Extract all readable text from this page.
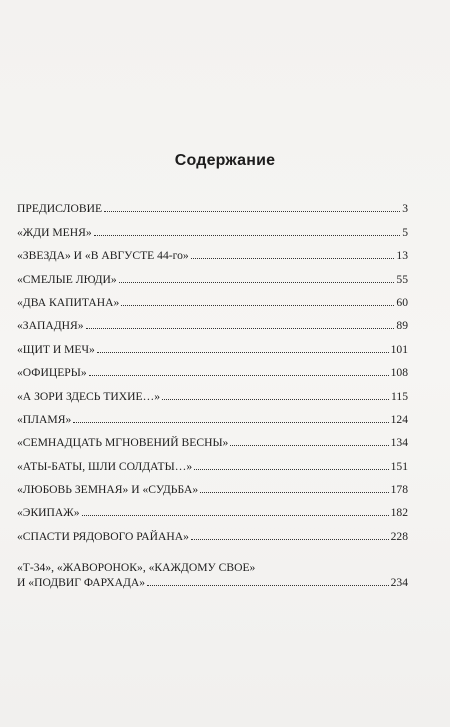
Содержание
ПРЕДИСЛОВИЕ	3
«ЖДИ МЕНЯ»	5
«ЗВЕЗДА» И «В АВГУСТЕ 44-го»	13
«СМЕЛЫЕ ЛЮДИ»	55
«ДВА КАПИТАНА»	60
«ЗАПАДНЯ»	89
«ЩИТ И МЕЧ»	101
«ОФИЦЕРЫ»	108
«А ЗОРИ ЗДЕСЬ ТИХИЕ…»	115
«ПЛАМЯ»	124
«СЕМНАДЦАТЬ МГНОВЕНИЙ ВЕСНЫ»	134
«АТЫ-БАТЫ, ШЛИ СОЛДАТЫ…»	151
«ЛЮБОВЬ ЗЕМНАЯ» И «СУДЬБА»	178
«ЭКИПАЖ»	182
«СПАСТИ РЯДОВОГО РАЙАНА»	228
«Т-34», «ЖАВОРОНОК», «КАЖДОМУ СВОЕ»
И «ПОДВИГ ФАРХАДА»	234
